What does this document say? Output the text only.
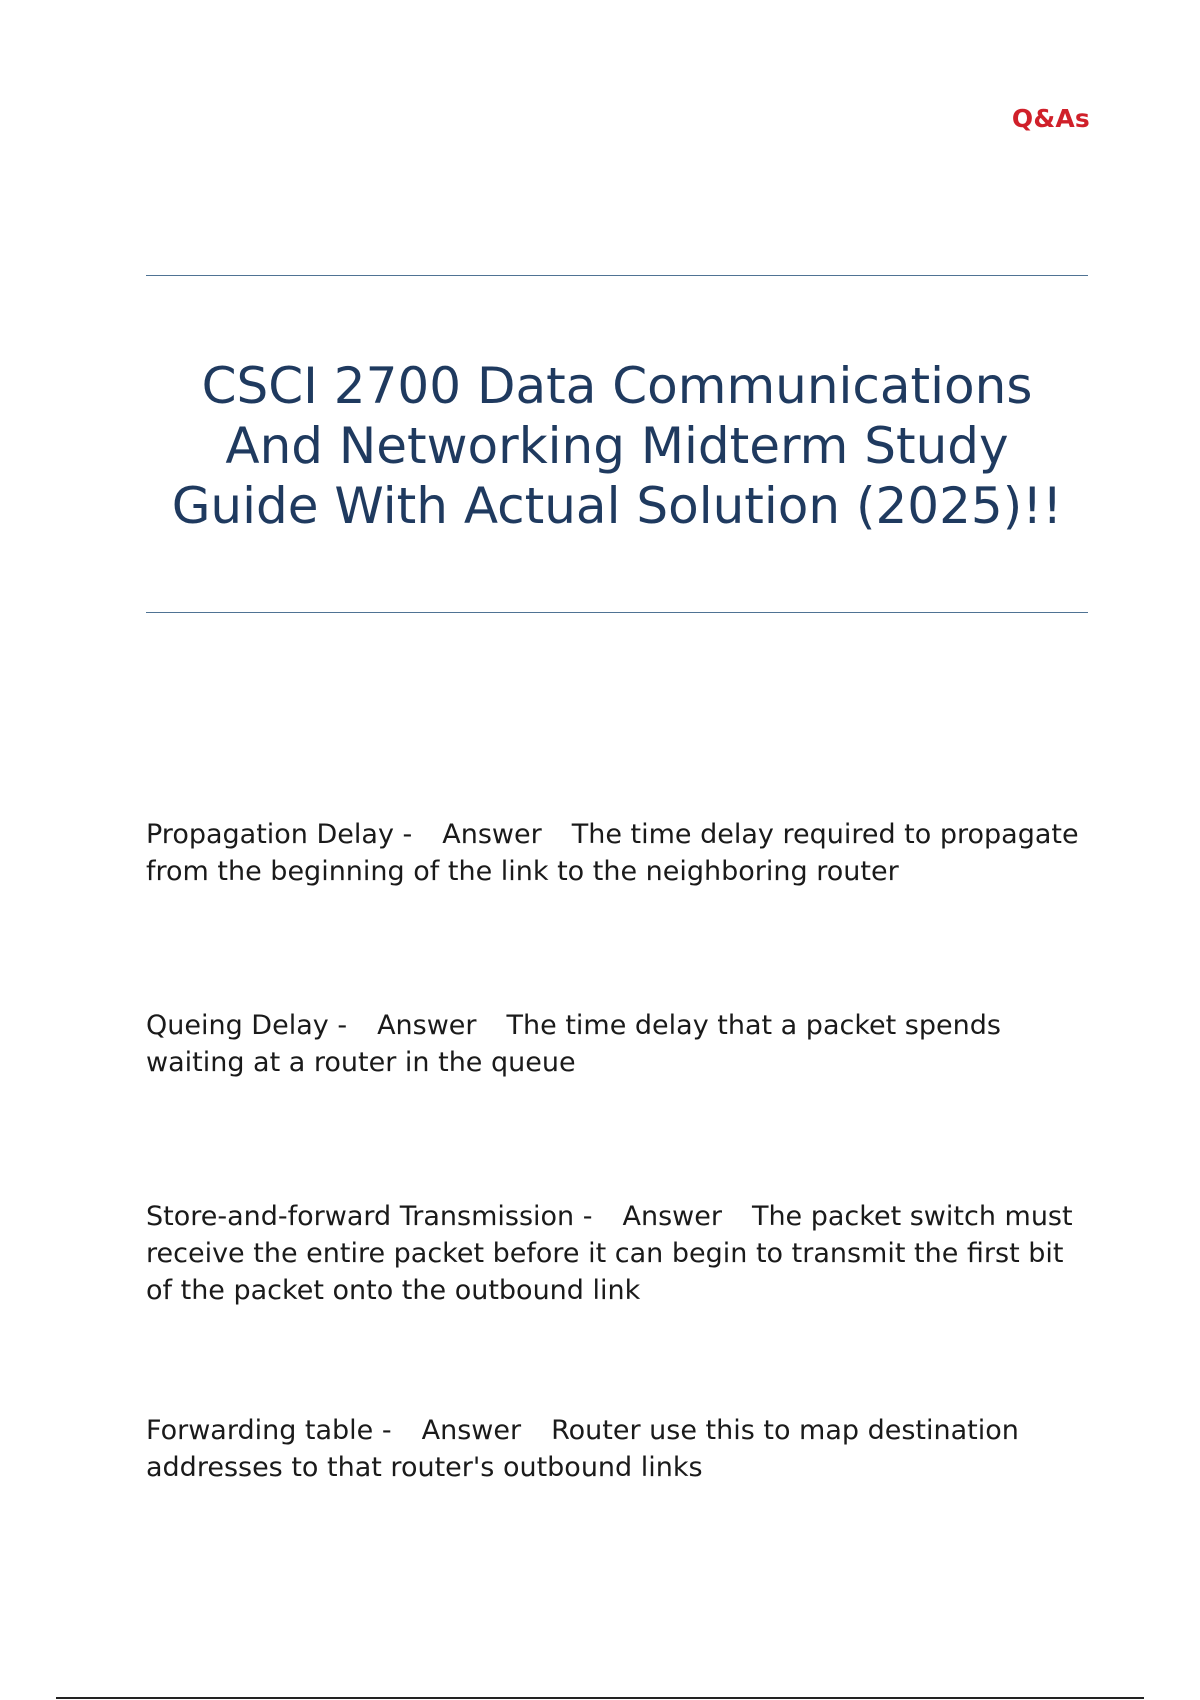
Q&As
CSCI 2700 Data Communications And Networking Midterm Study Guide With Actual Solution (2025)!!

Propagation Delay - Answer The time delay required to propagate from the beginning of the link to the neighboring router

Queing Delay - Answer The time delay that a packet spends waiting at a router in the queue

Store-and-forward Transmission - Answer The packet switch must receive the entire packet before it can begin to transmit the first bit of the packet onto the outbound link

Forwarding table - Answer Router use this to map destination addresses to that router's outbound links
